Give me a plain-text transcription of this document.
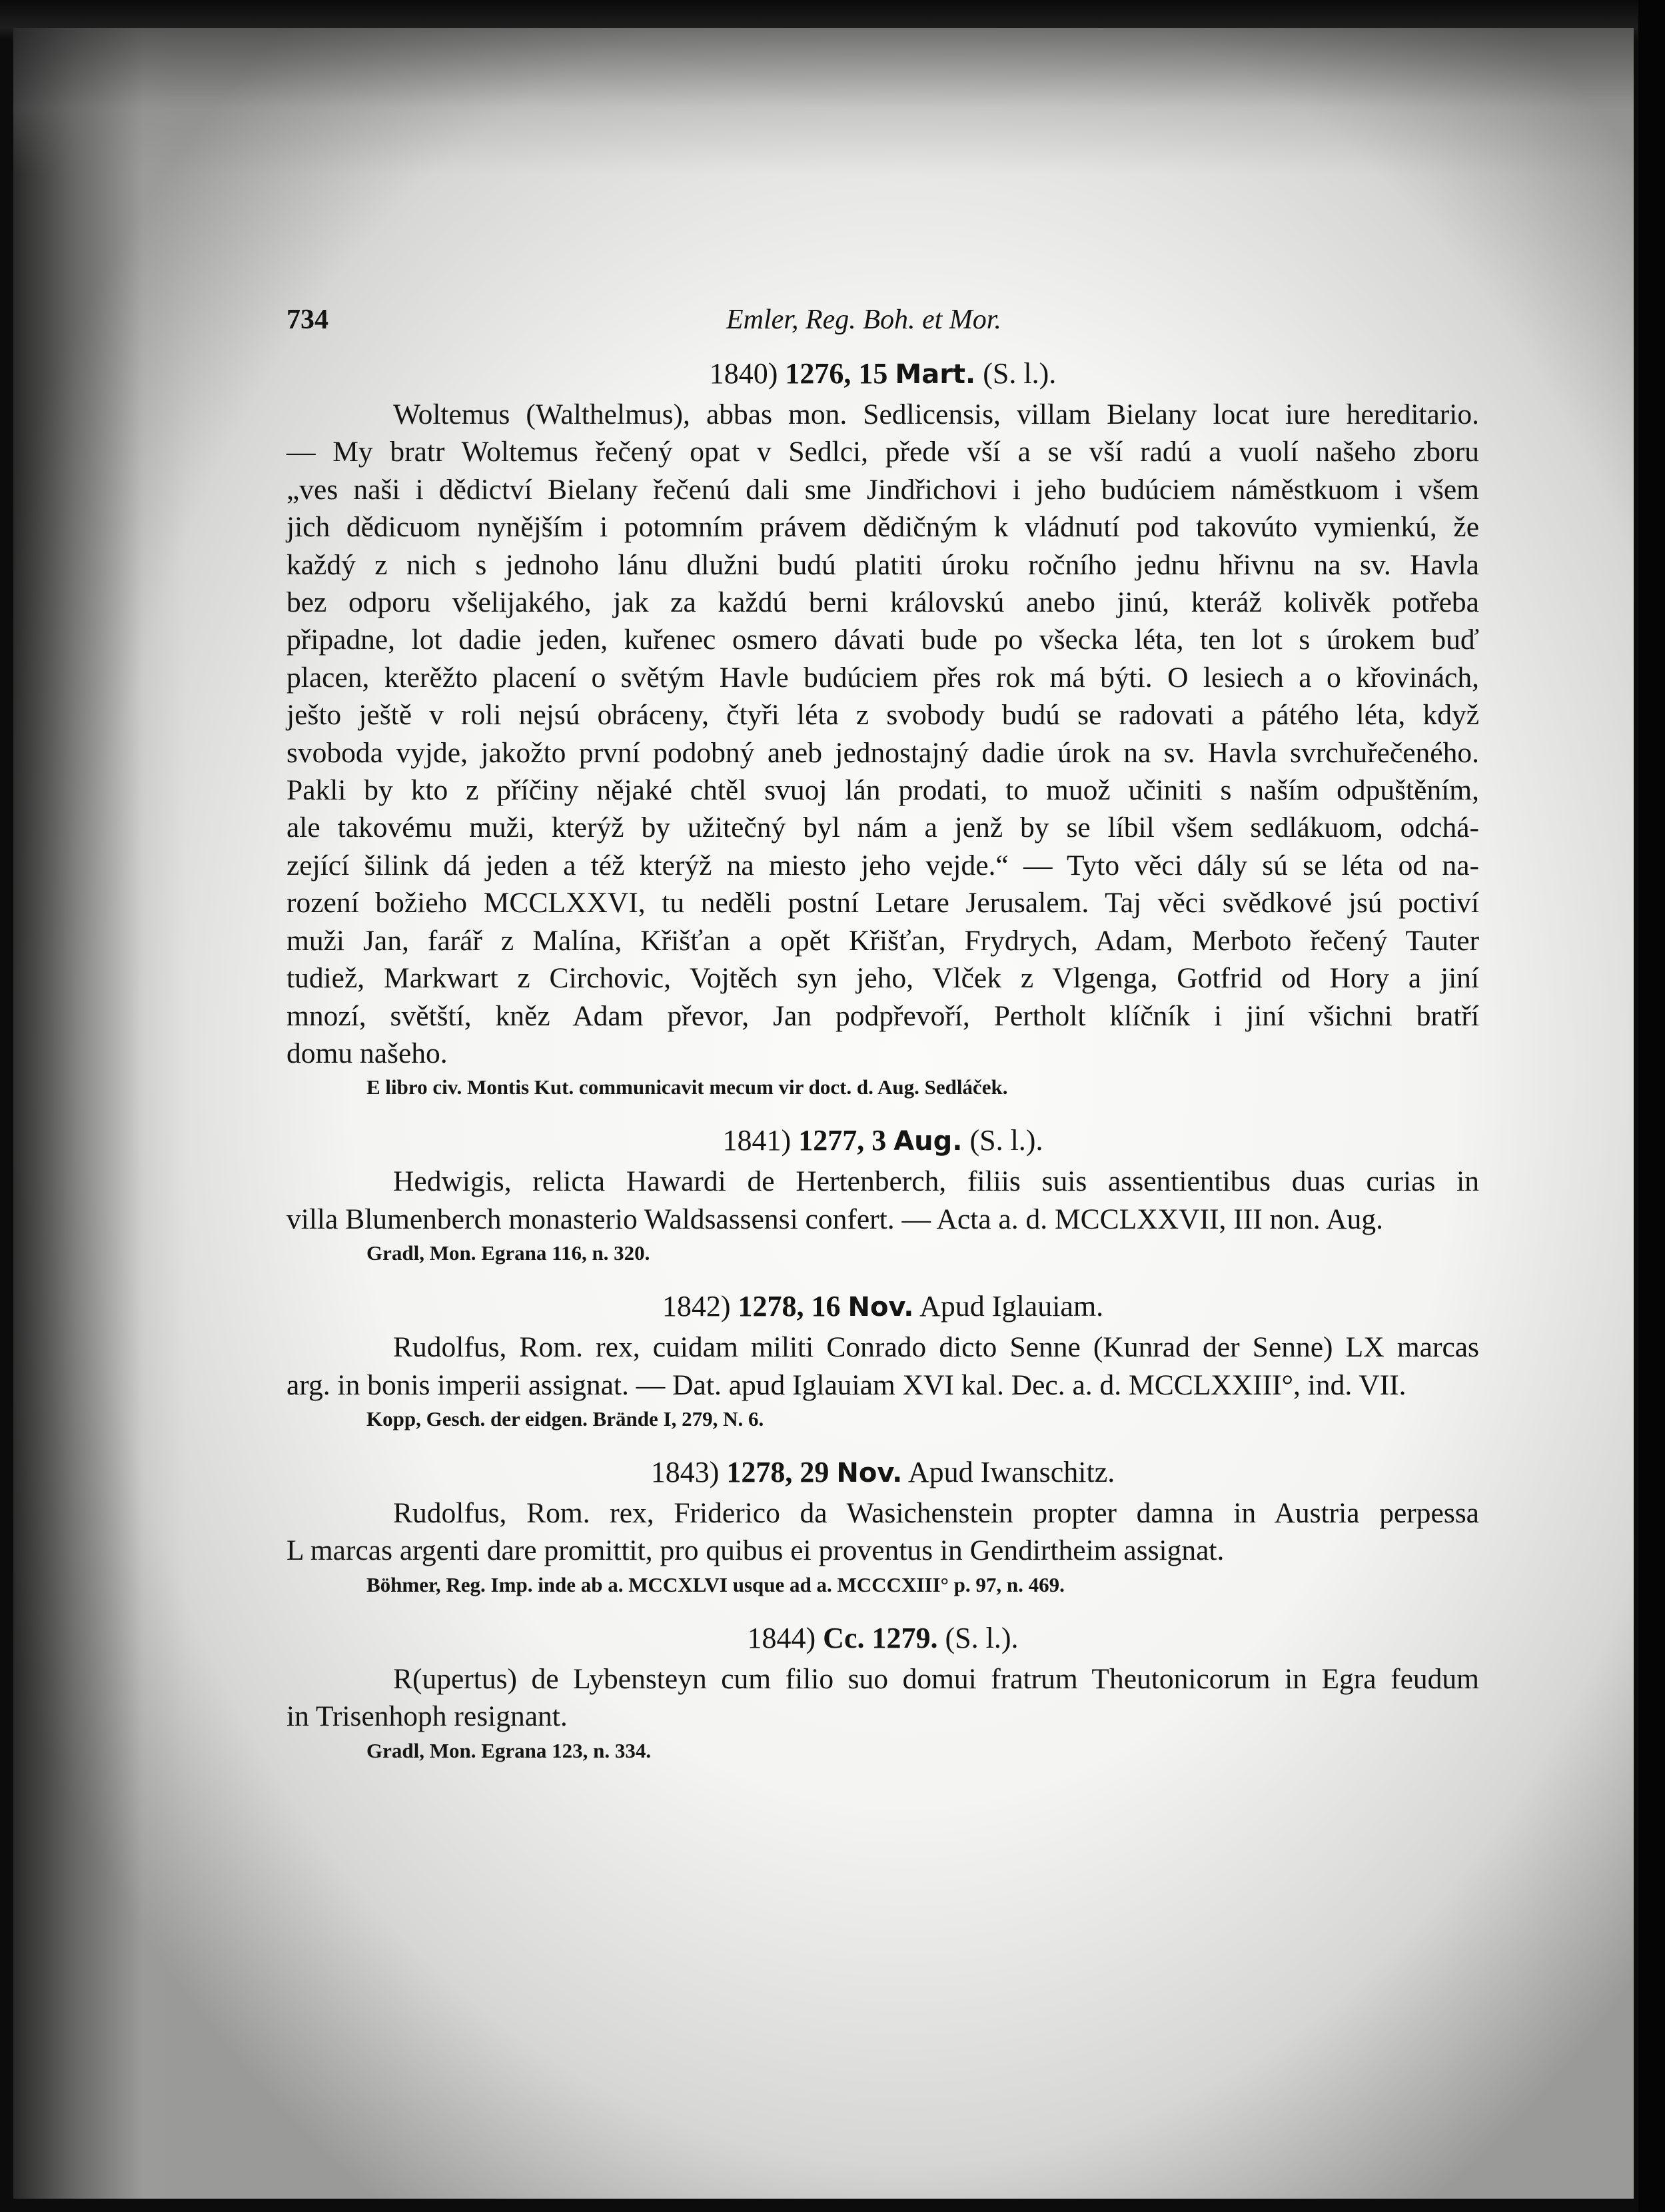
734	Emler, Reg. Boh. et Mor.
1840) 1276, 15 Mart. (S. l.).
Woltemus (Walthelmus), abbas mon. Sedlicensis, villam Bielany locat iure hereditario.
— My bratr Woltemus řečený opat v Sedlci, přede vší a se vší radú a vuolí našeho zboru
„ves naši i dědictví Bielany řečenú dali sme Jindřichovi i jeho budúciem náměstkuom i všem
jich dědicuom nynějším i potomním právem dědičným k vládnutí pod takovúto vymienkú, že
každý z nich s jednoho lánu dlužni budú platiti úroku ročního jednu hřivnu na sv. Havla
bez odporu všelijakého, jak za každú berni královskú anebo jinú, kteráž kolivěk potřeba
připadne, lot dadie jeden, kuřenec osmero dávati bude po všecka léta, ten lot s úrokem buď
placen, kterěžto placení o světým Havle budúciem přes rok má býti. O lesiech a o křovinách,
ješto ještě v roli nejsú obráceny, čtyři léta z svobody budú se radovati a pátého léta, když
svoboda vyjde, jakožto první podobný aneb jednostajný dadie úrok na sv. Havla svrchuřečeného.
Pakli by kto z příčiny nějaké chtěl svuoj lán prodati, to muož učiniti s naším odpuštěním,
ale takovému muži, kterýž by užitečný byl nám a jenž by se líbil všem sedlákuom, odchá-
zející šilink dá jeden a též kterýž na miesto jeho vejde.“ — Tyto věci dály sú se léta od na-
rození božieho MCCLXXVI, tu neděli postní Letare Jerusalem. Taj věci svědkové jsú poctiví
muži Jan, farář z Malína, Křišťan a opět Křišťan, Frydrych, Adam, Merboto řečený Tauter
tudiež, Markwart z Circhovic, Vojtěch syn jeho, Vlček z Vlgenga, Gotfrid od Hory a jiní
mnozí, světští, kněz Adam převor, Jan podpřevoří, Pertholt klíčník i jiní všichni bratří
domu našeho.
E libro civ. Montis Kut. communicavit mecum vir doct. d. Aug. Sedláček.
1841) 1277, 3 Aug. (S. l.).
Hedwigis, relicta Hawardi de Hertenberch, filiis suis assentientibus duas curias in
villa Blumenberch monasterio Waldsassensi confert. — Acta a. d. MCCLXXVII, III non. Aug.
Gradl, Mon. Egrana 116, n. 320.
1842) 1278, 16 Nov. Apud Iglauiam.
Rudolfus, Rom. rex, cuidam militi Conrado dicto Senne (Kunrad der Senne) LX marcas
arg. in bonis imperii assignat. — Dat. apud Iglauiam XVI kal. Dec. a. d. MCCLXXIII°, ind. VII.
Kopp, Gesch. der eidgen. Brände I, 279, N. 6.
1843) 1278, 29 Nov. Apud Iwanschitz.
Rudolfus, Rom. rex, Friderico da Wasichenstein propter damna in Austria perpessa
L marcas argenti dare promittit, pro quibus ei proventus in Gendirtheim assignat.
Böhmer, Reg. Imp. inde ab a. MCCXLVI usque ad a. MCCCXIII° p. 97, n. 469.
1844) Cc. 1279. (S. l.).
R(upertus) de Lybensteyn cum filio suo domui fratrum Theutonicorum in Egra feudum
in Trisenhoph resignant.
Gradl, Mon. Egrana 123, n. 334.
